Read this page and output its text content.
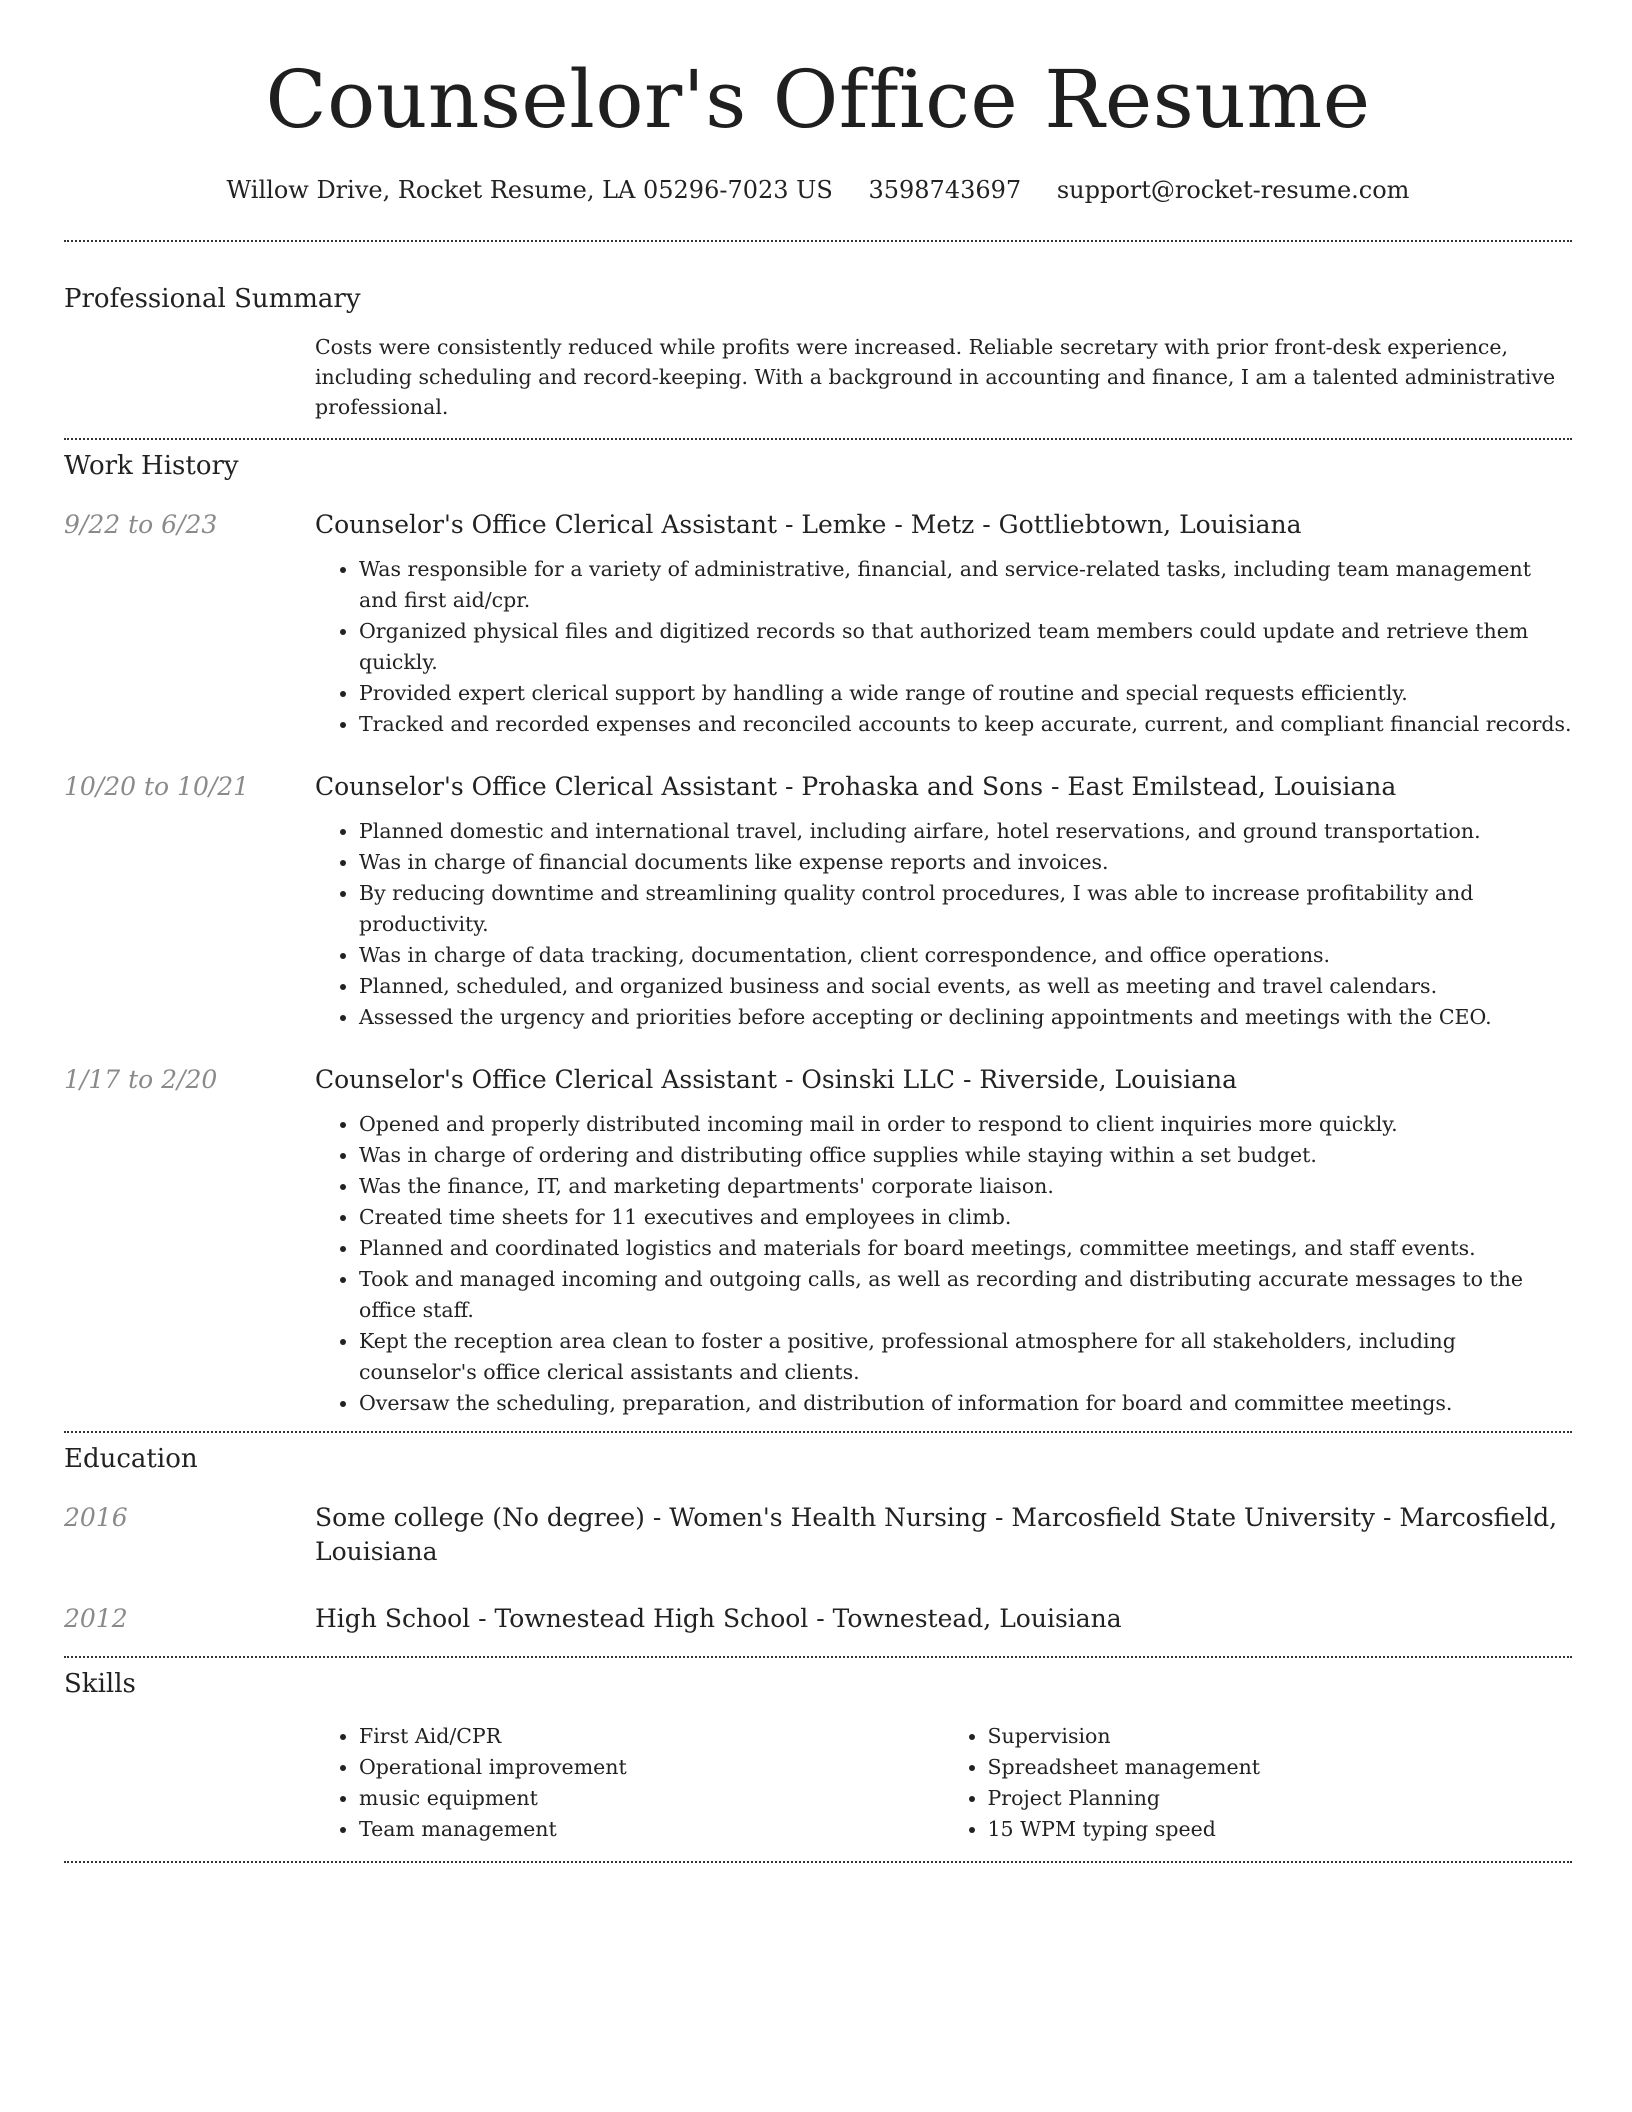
Counselor's Office Resume
Willow Drive, Rocket Resume, LA 05296-7023 US 3598743697 support@rocket-resume.com
Professional Summary
Costs were consistently reduced while profits were increased. Reliable secretary with prior front-desk experience, including scheduling and record-keeping. With a background in accounting and finance, I am a talented administrative professional.
Work History
9/22 to 6/23	Counselor's Office Clerical Assistant - Lemke - Metz - Gottliebtown, Louisiana
• Was responsible for a variety of administrative, financial, and service-related tasks, including team management and first aid/cpr.
• Organized physical files and digitized records so that authorized team members could update and retrieve them quickly.
• Provided expert clerical support by handling a wide range of routine and special requests efficiently.
• Tracked and recorded expenses and reconciled accounts to keep accurate, current, and compliant financial records.
10/20 to 10/21	Counselor's Office Clerical Assistant - Prohaska and Sons - East Emilstead, Louisiana
• Planned domestic and international travel, including airfare, hotel reservations, and ground transportation.
• Was in charge of financial documents like expense reports and invoices.
• By reducing downtime and streamlining quality control procedures, I was able to increase profitability and productivity.
• Was in charge of data tracking, documentation, client correspondence, and office operations.
• Planned, scheduled, and organized business and social events, as well as meeting and travel calendars.
• Assessed the urgency and priorities before accepting or declining appointments and meetings with the CEO.
1/17 to 2/20	Counselor's Office Clerical Assistant - Osinski LLC - Riverside, Louisiana
• Opened and properly distributed incoming mail in order to respond to client inquiries more quickly.
• Was in charge of ordering and distributing office supplies while staying within a set budget.
• Was the finance, IT, and marketing departments' corporate liaison.
• Created time sheets for 11 executives and employees in climb.
• Planned and coordinated logistics and materials for board meetings, committee meetings, and staff events.
• Took and managed incoming and outgoing calls, as well as recording and distributing accurate messages to the office staff.
• Kept the reception area clean to foster a positive, professional atmosphere for all stakeholders, including counselor's office clerical assistants and clients.
• Oversaw the scheduling, preparation, and distribution of information for board and committee meetings.
Education
2016	Some college (No degree) - Women's Health Nursing - Marcosfield State University - Marcosfield, Louisiana
2012	High School - Townestead High School - Townestead, Louisiana
Skills
• First Aid/CPR
• Operational improvement
• music equipment
• Team management
• Supervision
• Spreadsheet management
• Project Planning
• 15 WPM typing speed
